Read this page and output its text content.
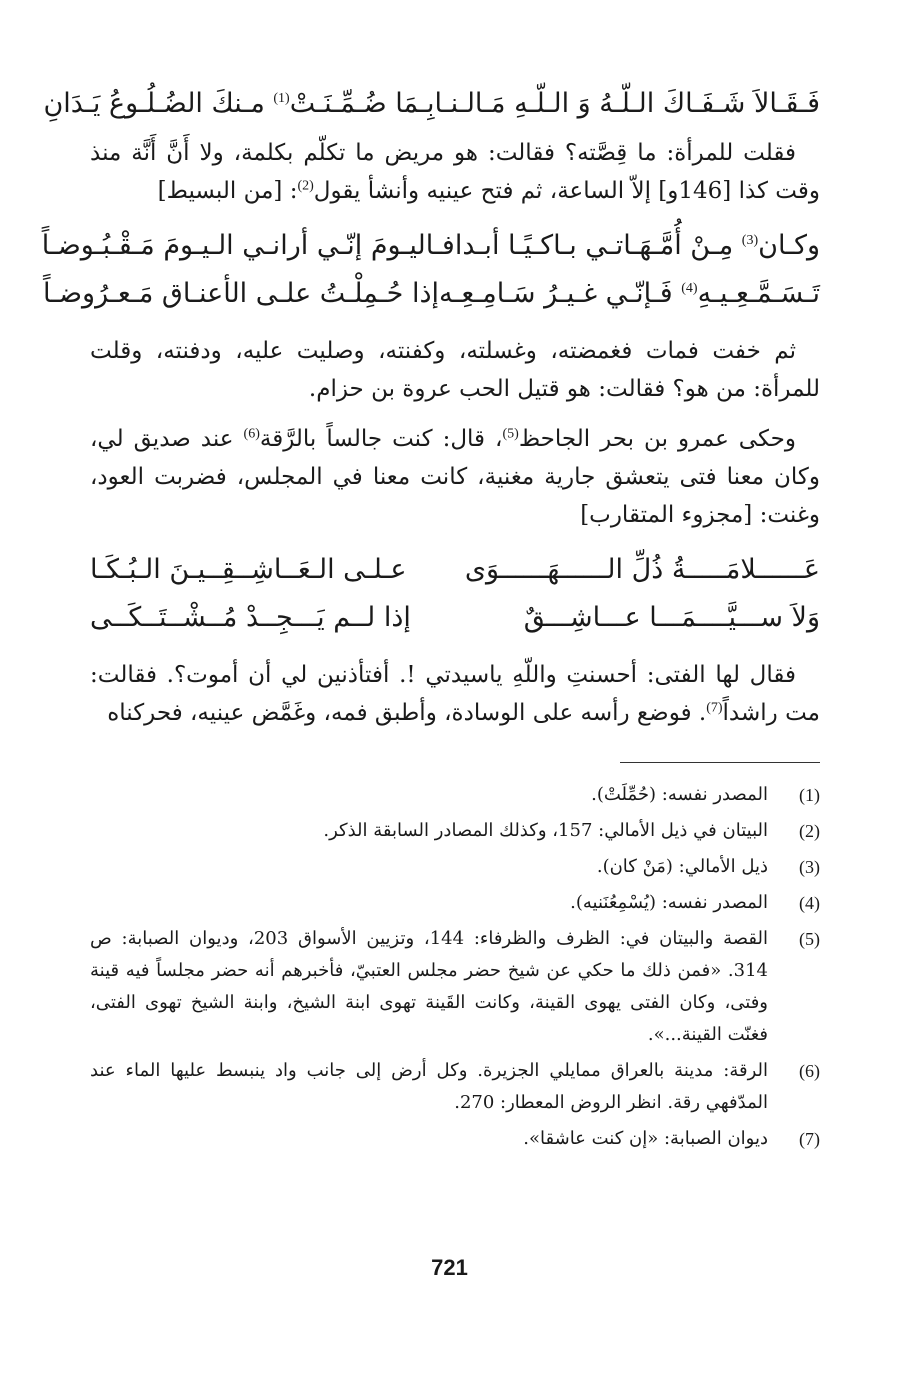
فَـقَـالاَ شَـفَـاكَ الـلّـهُ وَ الـلّـهِ مَـالـنـا
بِـمَا ضُـمِّـنَـتْ$^{(1)}$ مـنكَ الضُـلُـوعُ يَـدَانِ

فقلت للمرأة: ما قِصَّته؟ فقالت: هو مريض ما تكلّم بكلمة، ولا أَنَّ أَنَّة منذ وقت كذا [146و] إلاّ الساعة، ثم فتح عينيه وأنشأ يقول$^{(2)}$: [من البسيط]

وكـان$^{(3)}$ مِـنْ أُمَّـهَـاتـي بـاكـيًـا أبـدا
فـاليـومَ إنّـي أرانـي الـيـومَ مَـقْـبُـوضـاً
تَـسَـمَّـعِـيـهِ$^{(4)}$ فَـإنّـي غـيـرُ سَـامِـعِـه
إذا حُـمِلْـتُ علـى الأعنـاق مَـعـرُوضـاً

ثم خفت فمات فغمضته، وغسلته، وكفنته، وصليت عليه، ودفنته، وقلت للمرأة: من هو؟ فقالت: هو قتيل الحب عروة بن حزام.

وحكى عمرو بن بحر الجاحظ$^{(5)}$، قال: كنت جالساً بالرَّقة$^{(6)}$ عند صديق لي، وكان معنا فتى يتعشق جارية مغنية، كانت معنا في المجلس، فضربت العود، وغنت: [مجزوء المتقارب]

عَــــــلامَـــــةُ ذُلِّ الــــــهَــــــوَى
عـلـى الـعَــاشِــقِــيـنَ الـبُـكَـا
وَلاَ ســـيَّــــمَـــا عـــاشِـــقٌ
إذا لــم يَـــجِــدْ مُــشْــتَــكَــى

فقال لها الفتى: أحسنتِ واللّهِ ياسيدتي !. أفتأذنين لي أن أموت؟. فقالت: مت راشداً$^{(7)}$. فوضع رأسه على الوسادة، وأطبق فمه، وغَمَّض عينيه، فحركناه

(1)
المصدر نفسه: (حُمِّلَتْ).
(2)
البيتان في ذيل الأمالي: 157، وكذلك المصادر السابقة الذكر.
(3)
ذيل الأمالي: (مَنْ كان).
(4)
المصدر نفسه: (يُسْمِعُنَنيه).
(5)
القصة والبيتان في: الظرف والظرفاء: 144، وتزيين الأسواق 203، وديوان الصبابة: ص 314. «فمن ذلك ما حكي عن شيخ حضر مجلس العتبيّ، فأخبرهم أنه حضر مجلساً فيه قينة وفتى، وكان الفتى يهوى القينة، وكانت القَينة تهوى ابنة الشيخ، وابنة الشيخ تهوى الفتى، فغنّت القينة...».
(6)
الرقة: مدينة بالعراق ممايلي الجزيرة. وكل أرض إلى جانب واد ينبسط عليها الماء عند المدّفهي رقة. انظر الروض المعطار: 270.
(7)
ديوان الصبابة: «إن كنت عاشقا».
721
